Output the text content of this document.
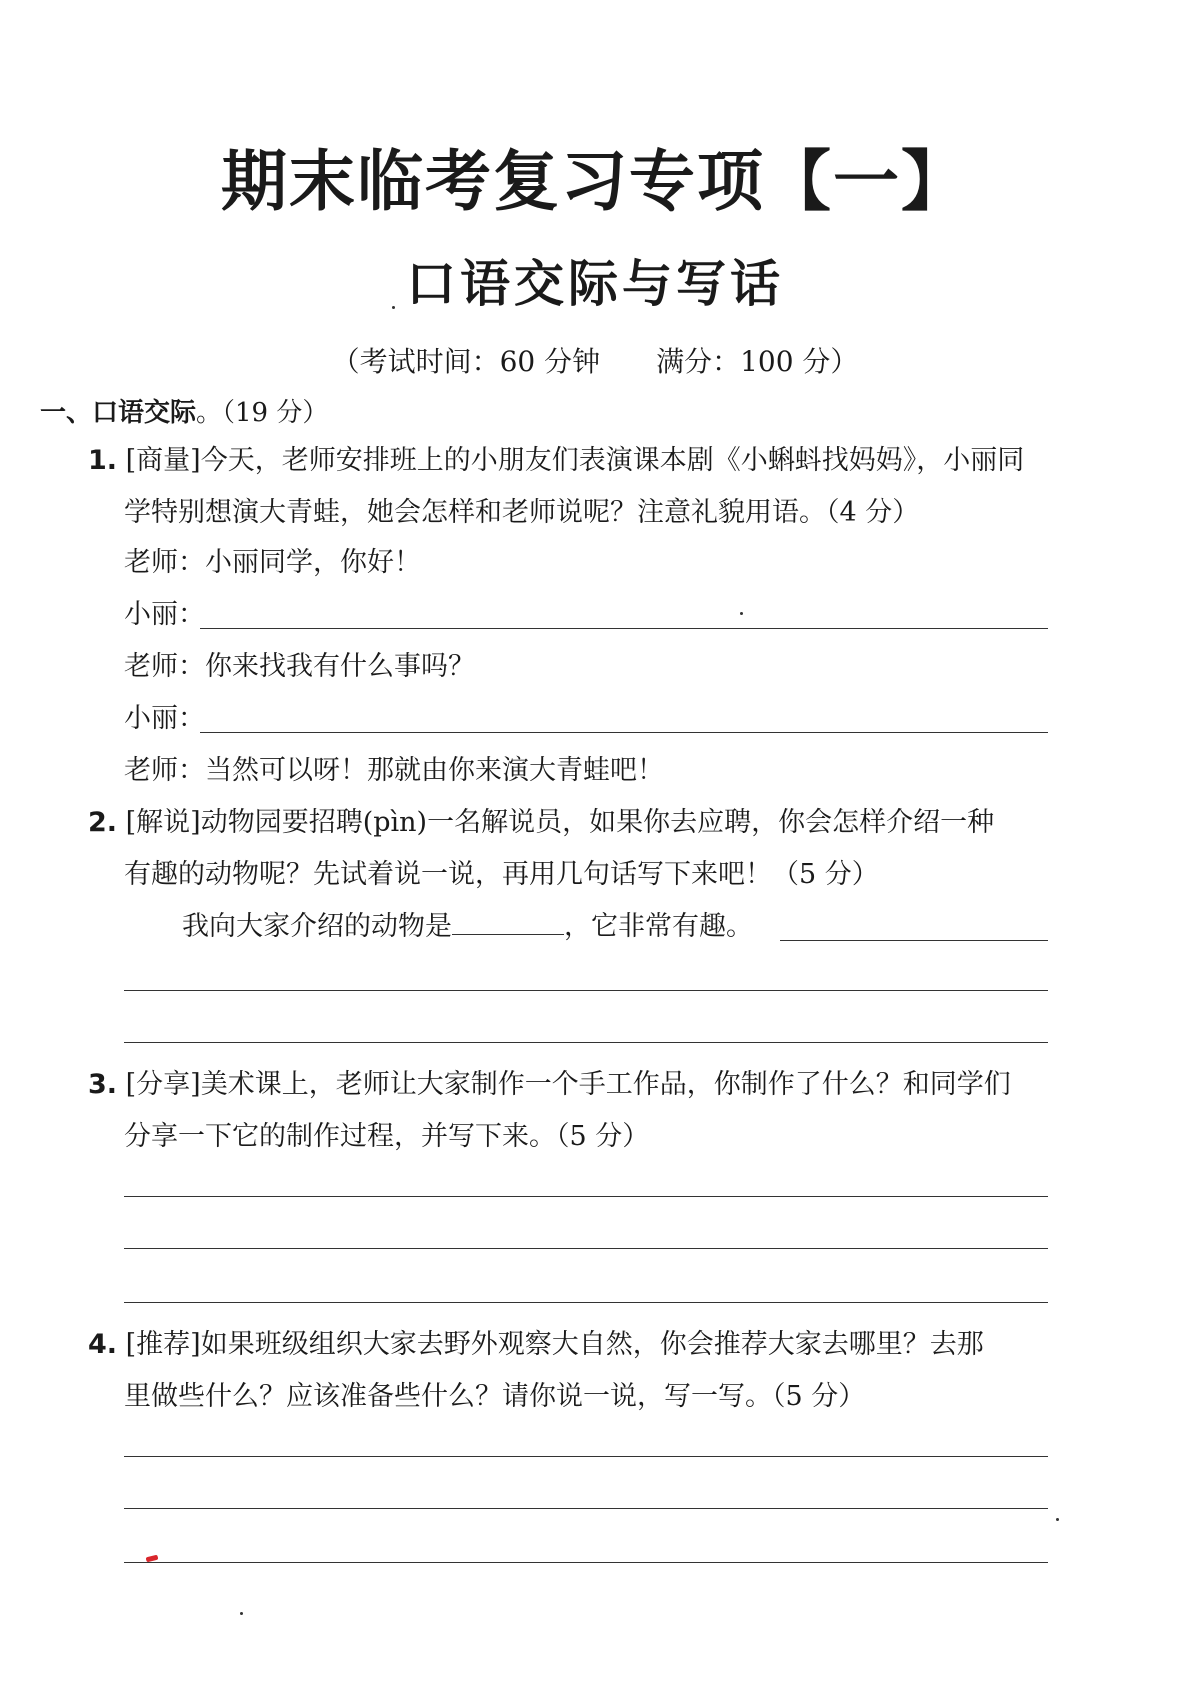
期末临考复习专项【一】
口语交际与写话
（考试时间：60 分钟　　满分：100 分）
一、口语交际。（19 分）
1. [商量]今天，老师安排班上的小朋友们表演课本剧《小蝌蚪找妈妈》，小丽同
学特别想演大青蛙，她会怎样和老师说呢？注意礼貌用语。（4 分）
老师：小丽同学，你好！
小丽：
老师：你来找我有什么事吗？
小丽：
老师：当然可以呀！那就由你来演大青蛙吧！
2. [解说]动物园要招聘(pìn)一名解说员，如果你去应聘，你会怎样介绍一种
有趣的动物呢？先试着说一说，再用几句话写下来吧！（5 分）
我向大家介绍的动物是	，它非常有趣。
3. [分享]美术课上，老师让大家制作一个手工作品，你制作了什么？和同学们
分享一下它的制作过程，并写下来。（5 分）
4. [推荐]如果班级组织大家去野外观察大自然，你会推荐大家去哪里？去那
里做些什么？应该准备些什么？请你说一说，写一写。（5 分）
